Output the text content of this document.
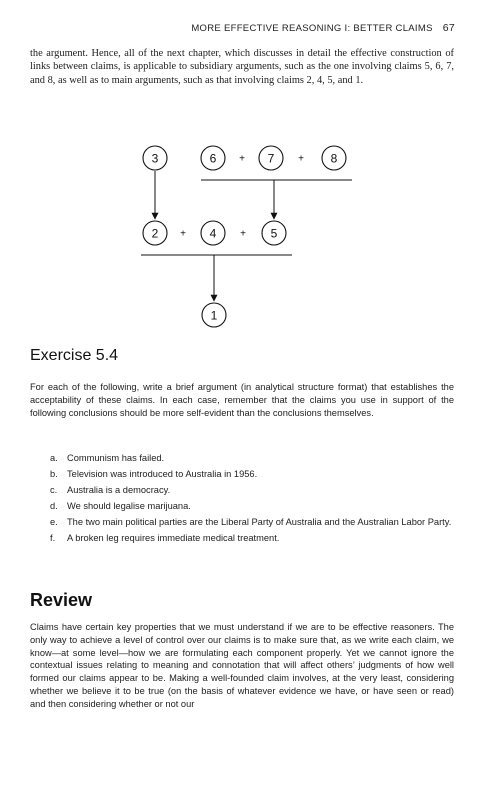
MORE EFFECTIVE REASONING I: BETTER CLAIMS 67
the argument. Hence, all of the next chapter, which discusses in detail the effective construction of links between claims, is applicable to subsidiary arguments, such as the one involving claims 5, 6, 7, and 8, as well as to main arguments, such as that involving claims 2, 4, 5, and 1.
3	6 + 7 + 8
2 + 4 + 5
1
Exercise 5.4
For each of the following, write a brief argument (in analytical structure format) that establishes the acceptability of these claims. In each case, remember that the claims you use in support of the following conclusions should be more self-evident than the conclusions themselves.
a. Communism has failed.
b. Television was introduced to Australia in 1956.
c. Australia is a democracy.
d. We should legalise marijuana.
e. The two main political parties are the Liberal Party of Australia and the Australian Labor Party.
f. A broken leg requires immediate medical treatment.
Review
Claims have certain key properties that we must understand if we are to be effective reasoners. The only way to achieve a level of control over our claims is to make sure that, as we write each claim, we know—at some level—how we are formulating each component properly. Yet we cannot ignore the contextual issues relating to meaning and connotation that will affect others’ judgments of how well formed our claims appear to be. Making a well-founded claim involves, at the very least, considering whether we believe it to be true (on the basis of whatever evidence we have, or have seen or read) and then considering whether or not our
